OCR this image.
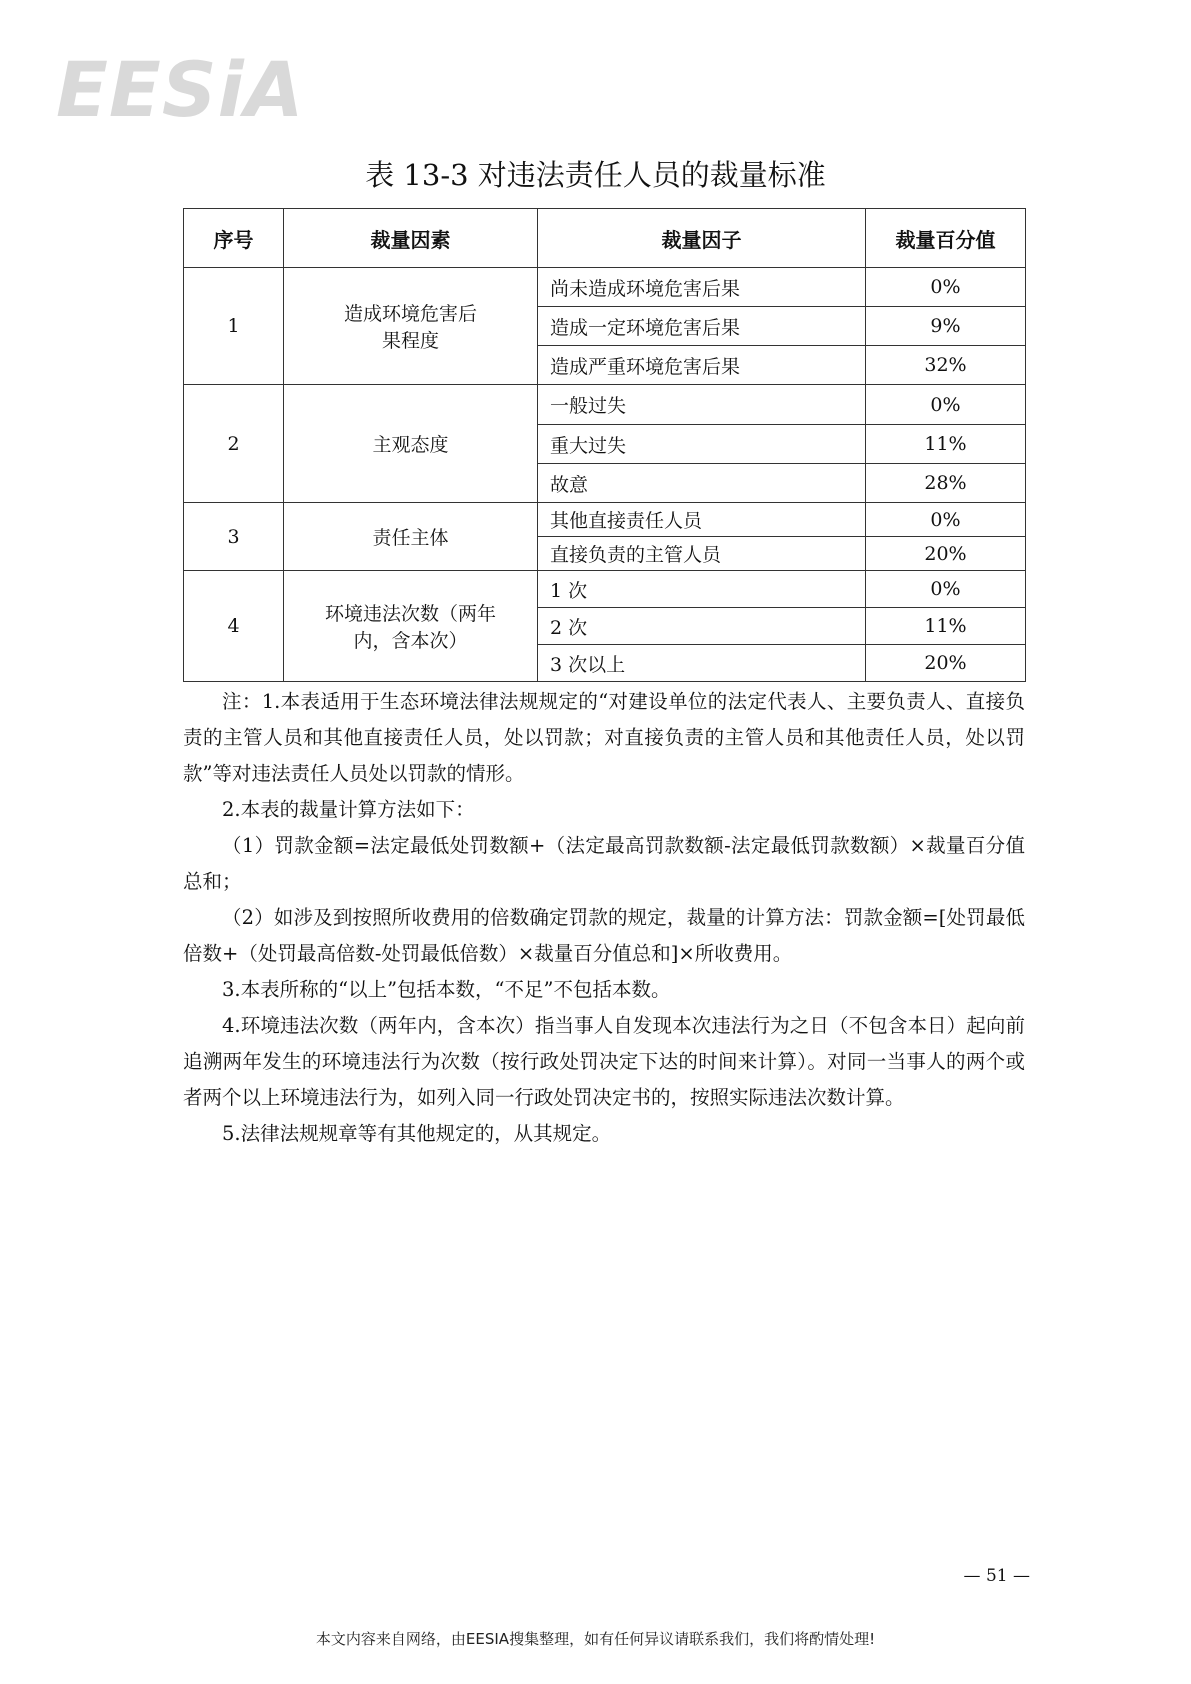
EESiA
表 13-3 对违法责任人员的裁量标准
序号	裁量因素	裁量因子	裁量百分值
1	造成环境危害后果程度	尚未造成环境危害后果	0%
		造成一定环境危害后果	9%
		造成严重环境危害后果	32%
2	主观态度	一般过失	0%
		重大过失	11%
		故意	28%
3	责任主体	其他直接责任人员	0%
		直接负责的主管人员	20%
4	环境违法次数（两年内，含本次）	1 次	0%
		2 次	11%
		3 次以上	20%

注：1.本表适用于生态环境法律法规规定的“对建设单位的法定代表人、主要负责人、直接负责的主管人员和其他直接责任人员，处以罚款；对直接负责的主管人员和其他责任人员，处以罚款”等对违法责任人员处以罚款的情形。

2.本表的裁量计算方法如下：

（1）罚款金额=法定最低处罚数额+（法定最高罚款数额-法定最低罚款数额）×裁量百分值总和；

（2）如涉及到按照所收费用的倍数确定罚款的规定，裁量的计算方法：罚款金额=[处罚最低倍数+（处罚最高倍数-处罚最低倍数）×裁量百分值总和]×所收费用。

3.本表所称的“以上”包括本数，“不足”不包括本数。

4.环境违法次数（两年内，含本次）指当事人自发现本次违法行为之日（不包含本日）起向前追溯两年发生的环境违法行为次数（按行政处罚决定下达的时间来计算）。对同一当事人的两个或者两个以上环境违法行为，如列入同一行政处罚决定书的，按照实际违法次数计算。

5.法律法规规章等有其他规定的，从其规定。

— 51 —
本文内容来自网络，由EESIA搜集整理，如有任何异议请联系我们，我们将酌情处理!
